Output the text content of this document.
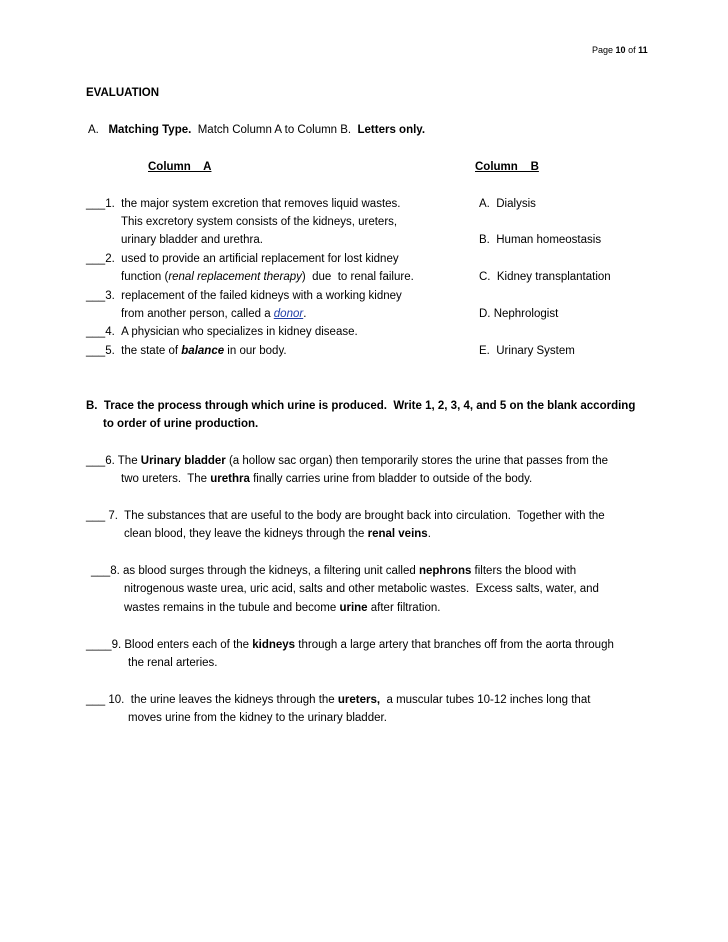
Page 10 of 11
EVALUATION
A. Matching Type. Match Column A to Column B. Letters only.
Column    A	Column    B
___1. the major system excretion that removes liquid wastes.
This excretory system consists of the kidneys, ureters,
urinary bladder and urethra.
___2. used to provide an artificial replacement for lost kidney
function (renal replacement therapy)  due  to renal failure.
___3. replacement of the failed kidneys with a working kidney
from another person, called a donor.
___4. A physician who specializes in kidney disease.
___5. the state of balance in our body.
A.  Dialysis
B.  Human homeostasis
C.  Kidney transplantation
D. Nephrologist
E.  Urinary System
B.  Trace the process through which urine is produced.  Write 1, 2, 3, 4, and 5 on the blank according
to order of urine production.
___6. The Urinary bladder (a hollow sac organ) then temporarily stores the urine that passes from the
two ureters.  The urethra finally carries urine from bladder to outside of the body.
___ 7.  The substances that are useful to the body are brought back into circulation.  Together with the
clean blood, they leave the kidneys through the renal veins.
___8. as blood surges through the kidneys, a filtering unit called nephrons filters the blood with
nitrogenous waste urea, uric acid, salts and other metabolic wastes.  Excess salts, water, and
wastes remains in the tubule and become urine after filtration.
____9. Blood enters each of the kidneys through a large artery that branches off from the aorta through
the renal arteries.
___ 10.  the urine leaves the kidneys through the ureters,  a muscular tubes 10-12 inches long that
moves urine from the kidney to the urinary bladder.
